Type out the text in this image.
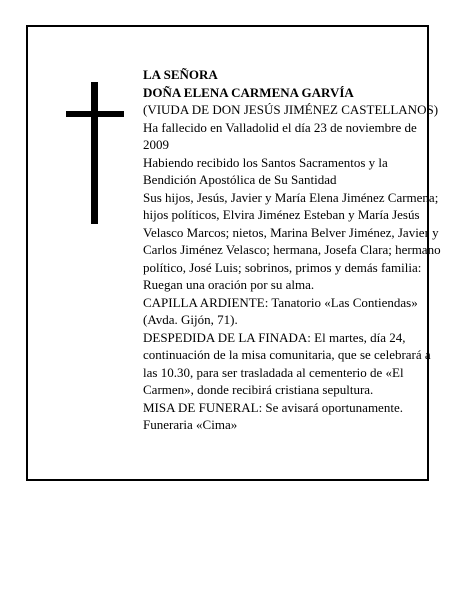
LA SEÑORA

DOÑA ELENA CARMENA GARVÍA

(VIUDA DE DON JESÚS JIMÉNEZ CASTELLANOS)

Ha fallecido en Valladolid el día 23 de noviembre de 2009

Habiendo recibido los Santos Sacramentos y la Bendición Apostólica de Su Santidad

Sus hijos, Jesús, Javier y María Elena Jiménez Carmena; hijos políticos, Elvira Jiménez Esteban y María Jesús Velasco Marcos; nietos, Marina Belver Jiménez, Javier y Carlos Jiménez Velasco; hermana, Josefa Clara; hermano político, José Luis; sobrinos, primos y demás familia:

Ruegan una oración por su alma.

CAPILLA ARDIENTE: Tanatorio «Las Contiendas» (Avda. Gijón, 71).

DESPEDIDA DE LA FINADA: El martes, día 24, continuación de la misa comunitaria, que se celebrará a las 10.30, para ser trasladada al cementerio de «El Carmen», donde recibirá cristiana sepultura.

MISA DE FUNERAL: Se avisará oportunamente.

Funeraria «Cima»
